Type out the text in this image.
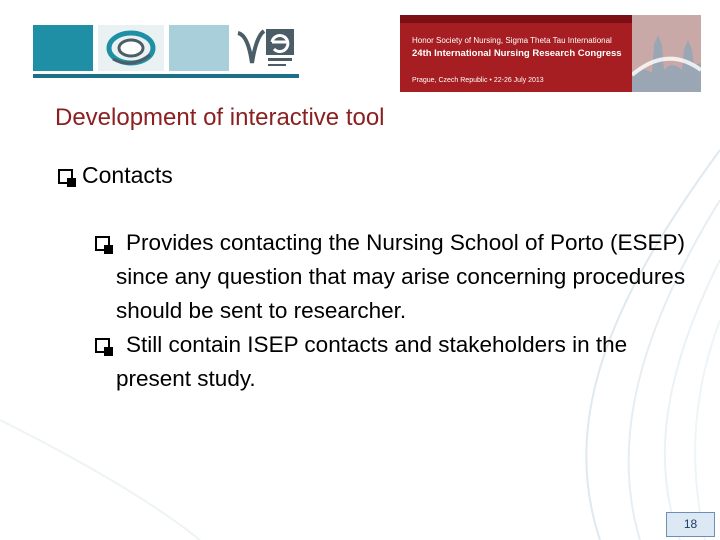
Honor Society of Nursing, Sigma Theta Tau International
24th International Nursing Research Congress
Prague, Czech Republic • 22-26 July 2013
Development of interactive tool
Contacts
Provides contacting the Nursing School of Porto (ESEP) since any question that may arise concerning procedures should be sent to researcher.
Still contain ISEP contacts and stakeholders in the present study.
18
